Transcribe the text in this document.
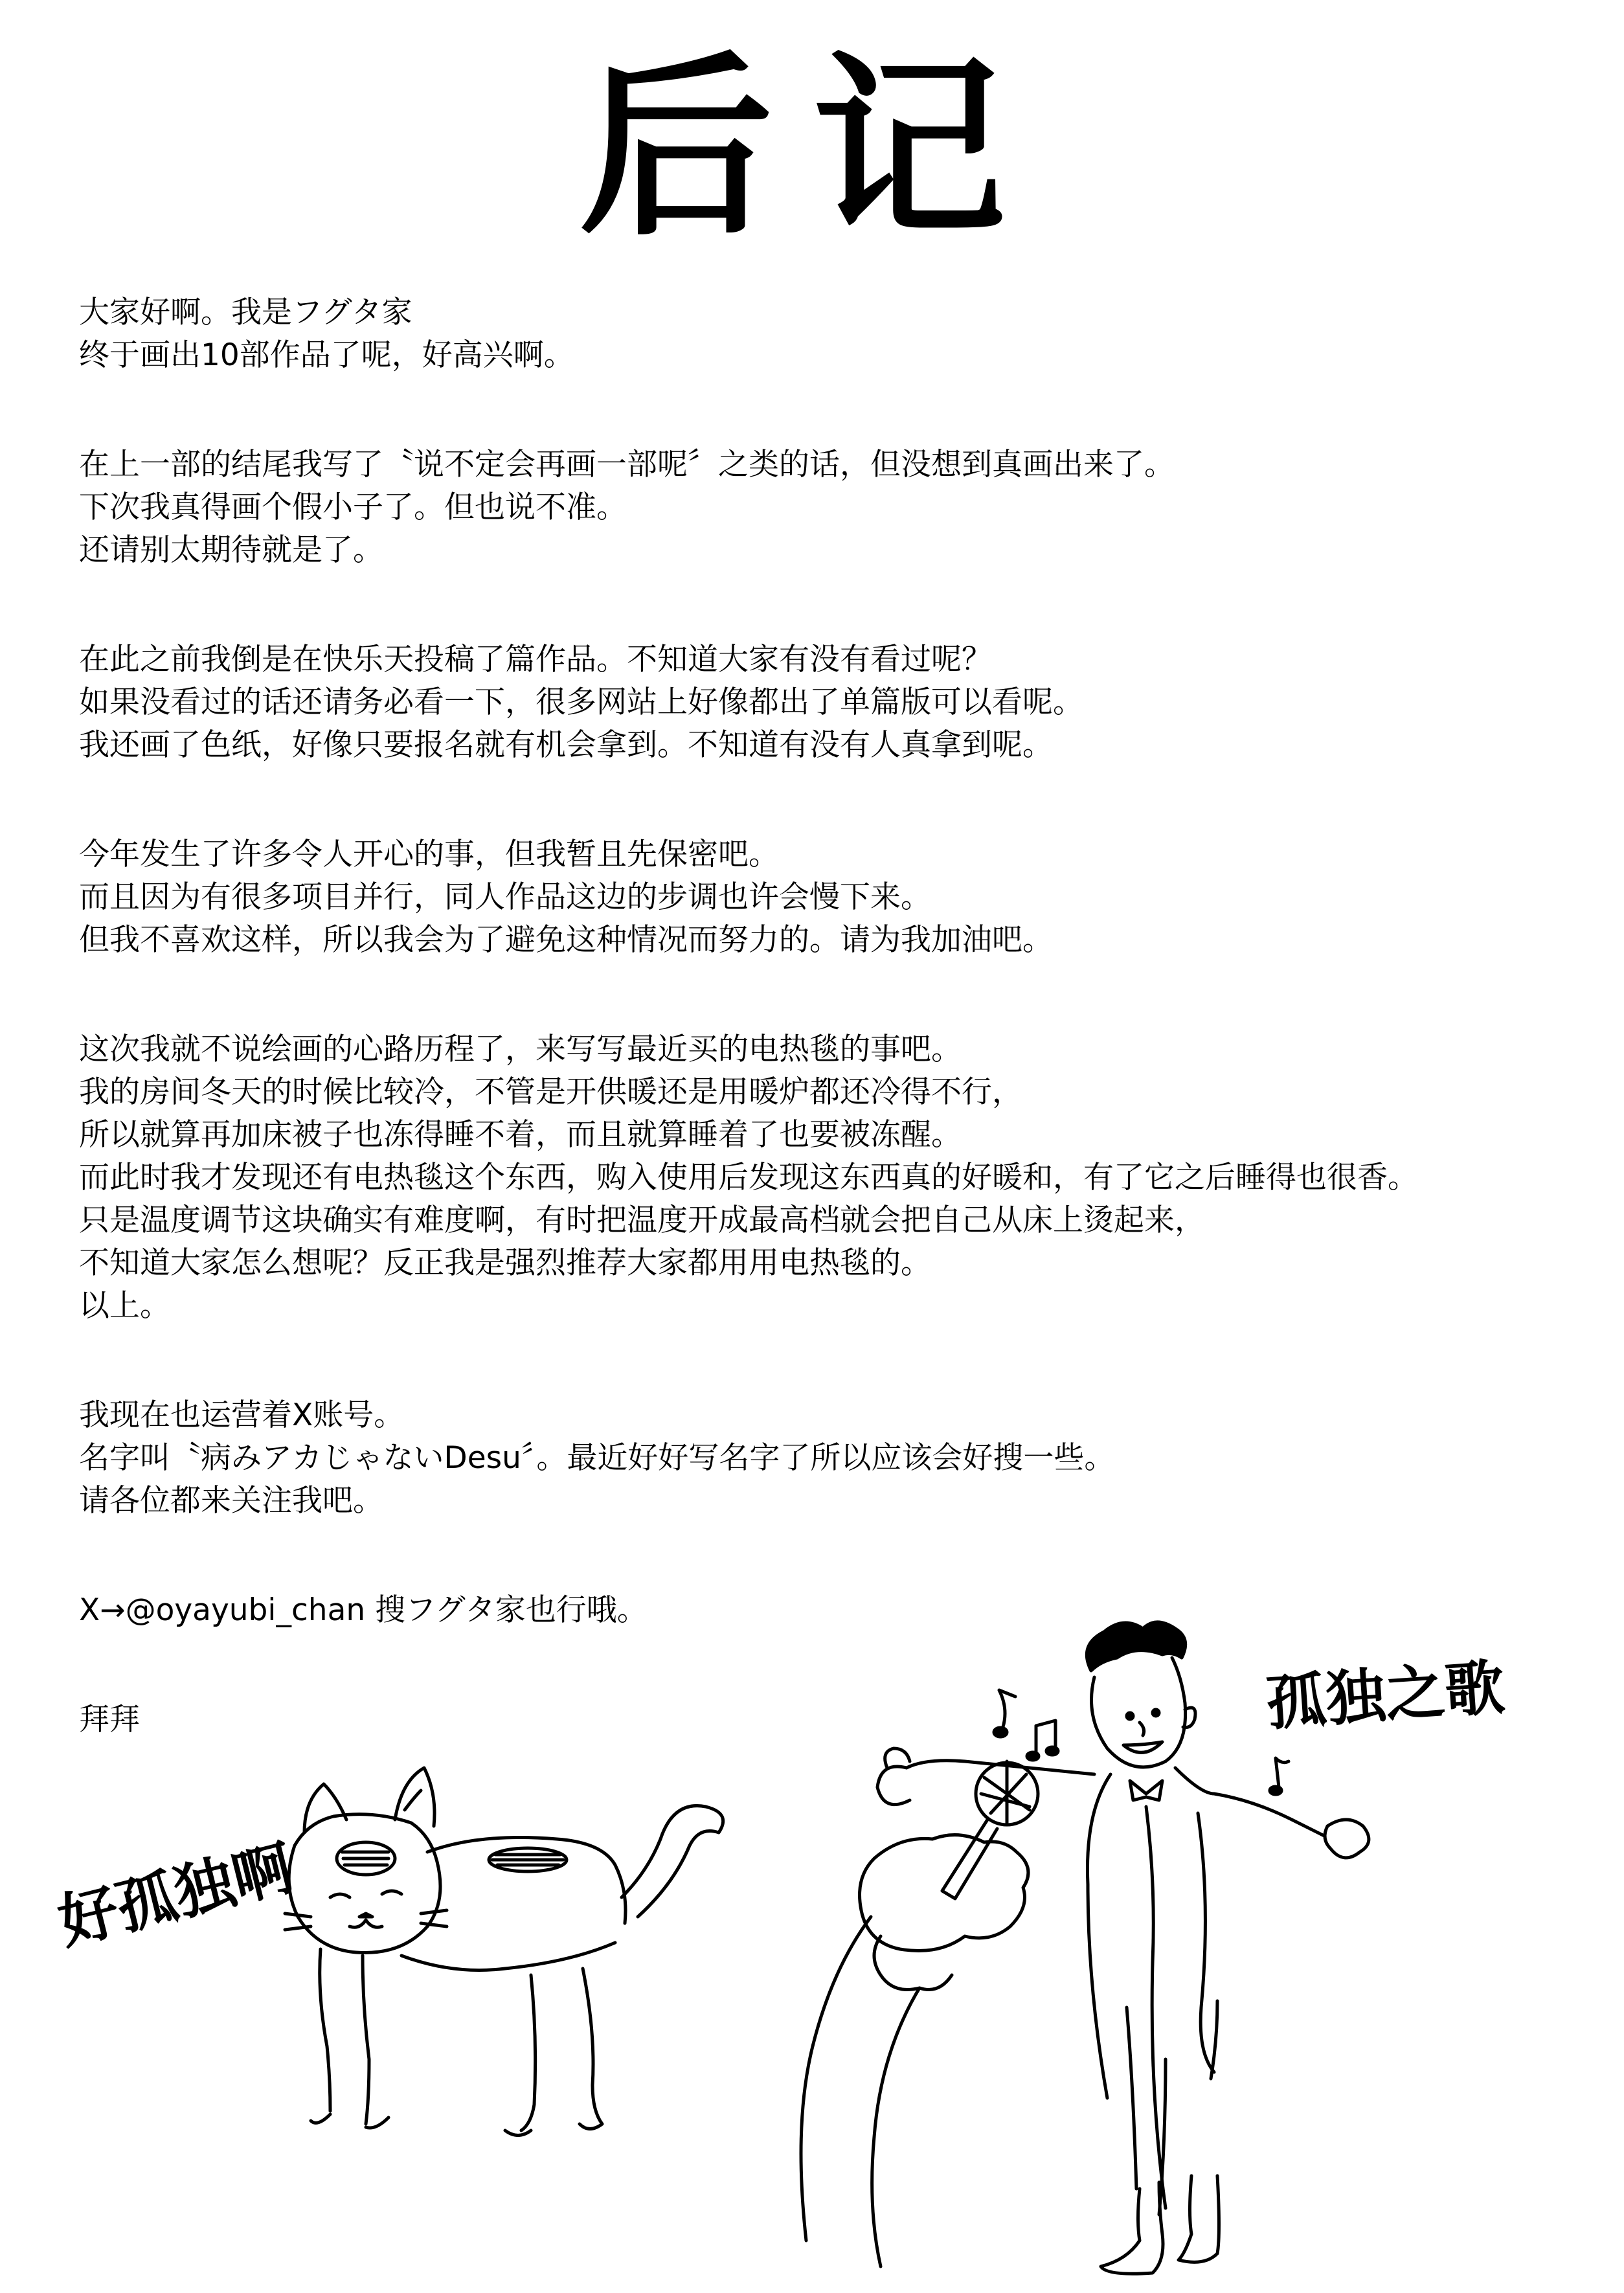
后记
大家好啊。我是フグタ家
终于画出10部作品了呢，好高兴啊。
在上一部的结尾我写了〝说不定会再画一部呢〞之类的话，但没想到真画出来了。
下次我真得画个假小子了。但也说不准。
还请别太期待就是了。
在此之前我倒是在快乐天投稿了篇作品。不知道大家有没有看过呢？
如果没看过的话还请务必看一下，很多网站上好像都出了单篇版可以看呢。
我还画了色纸，好像只要报名就有机会拿到。不知道有没有人真拿到呢。
今年发生了许多令人开心的事，但我暂且先保密吧。
而且因为有很多项目并行，同人作品这边的步调也许会慢下来。
但我不喜欢这样，所以我会为了避免这种情况而努力的。请为我加油吧。
这次我就不说绘画的心路历程了，来写写最近买的电热毯的事吧。
我的房间冬天的时候比较冷，不管是开供暖还是用暖炉都还冷得不行，
所以就算再加床被子也冻得睡不着，而且就算睡着了也要被冻醒。
而此时我才发现还有电热毯这个东西，购入使用后发现这东西真的好暖和，有了它之后睡得也很香。
只是温度调节这块确实有难度啊，有时把温度开成最高档就会把自己从床上烫起来，
不知道大家怎么想呢？反正我是强烈推荐大家都用用电热毯的。
以上。
我现在也运营着X账号。
名字叫〝病みアカじゃないDesu〞。最近好好写名字了所以应该会好搜一些。
请各位都来关注我吧。
X→@oyayubi_chan 搜フグタ家也行哦。
拜拜	孤独之歌
好孤独啊
